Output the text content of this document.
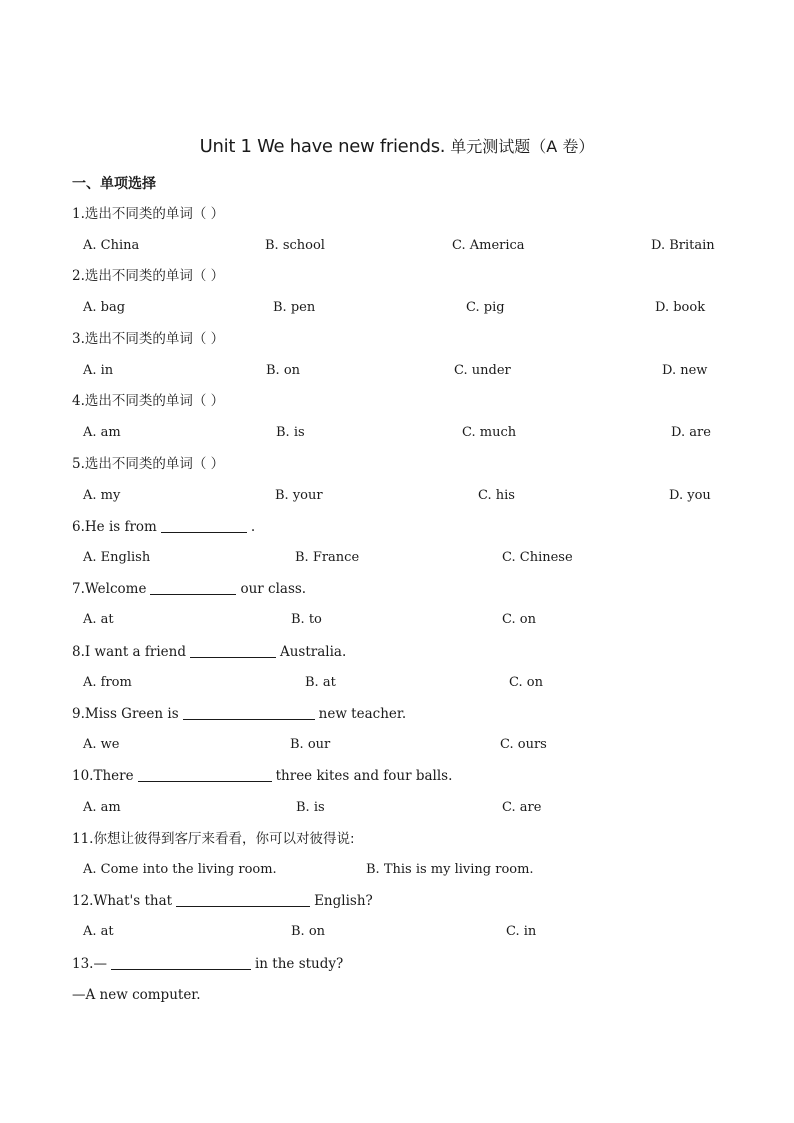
Unit 1 We have new friends. 单元测试题（A 卷）
一、单项选择
1.选出不同类的单词（ ）
A. China	B. school	C. America	D. Britain
2.选出不同类的单词（ ）
A. bag	B. pen	C. pig	D. book
3.选出不同类的单词（ ）
A. in	B. on	C. under	D. new
4.选出不同类的单词（ ）
A. am	B. is	C. much	D. are
5.选出不同类的单词（ ）
A. my	B. your	C. his	D. you
6.He is from	.
A. English	B. France	C. Chinese
7.Welcome	our class.
A. at	B. to	C. on
8.I want a friend	Australia.
A. from	B. at	C. on
9.Miss Green is	new teacher.
A. we	B. our	C. ours
10.There	three kites and four balls.
A. am	B. is	C. are
11.你想让彼得到客厅来看看，你可以对彼得说:
A. Come into the living room.	B. This is my living room.
12.What's that	English?
A. at	B. on	C. in
13.—	in the study?
—A new computer.
